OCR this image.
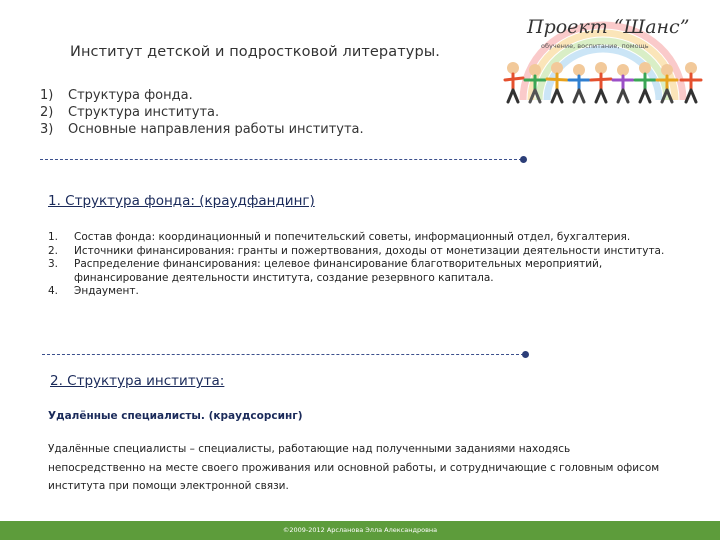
Институт детской и подростковой литературы.
Проект “Шанс”
обучение, воспитание, помощь
1)	Структура фонда.
2)	Структура института.
3)	Основные направления работы института.
1. Структура фонда: (краудфандинг)
1.	Состав фонда: координационный и попечительский советы, информационный отдел, бухгалтерия.
2.	Источники финансирования: гранты и пожертвования, доходы от монетизации деятельности института.
3.	Распределение финансирования: целевое финансирование благотворительных мероприятий, финансирование деятельности института, создание резервного капитала.
4.	Эндаумент.
2. Структура института:
Удалённые специалисты. (краудсорсинг)
Удалённые специалисты – специалисты, работающие над полученными заданиями находясь непосредственно на месте своего проживания или основной работы, и сотрудничающие с головным офисом института при помощи электронной связи.
©2009-2012 Арсланова Элла Александровна
